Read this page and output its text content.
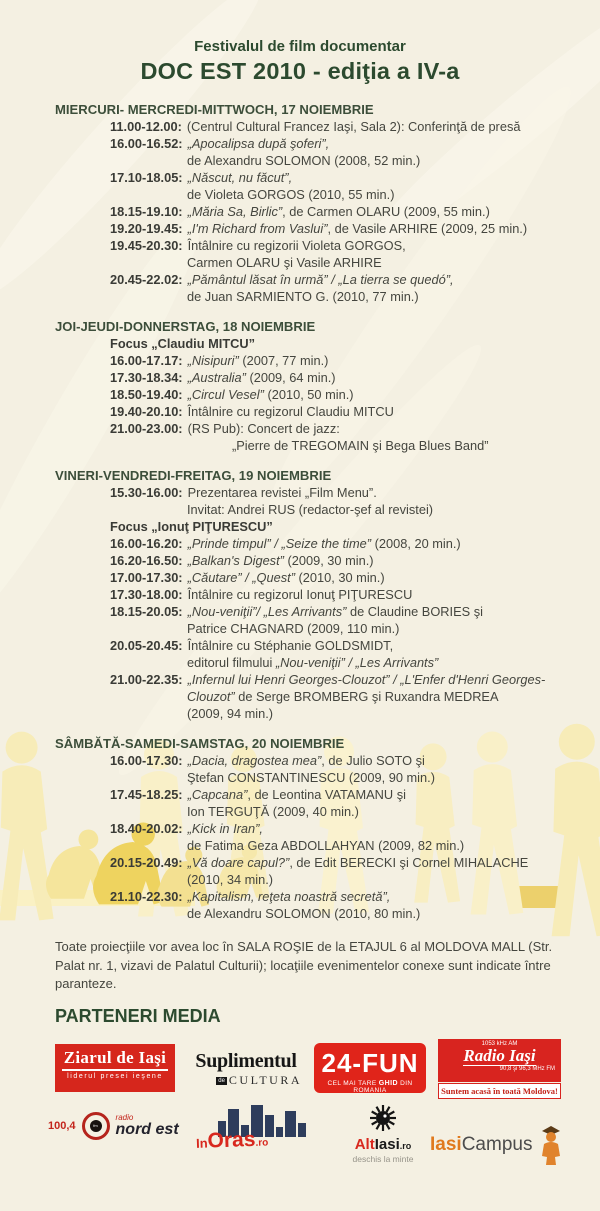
Festivalul de film documentar
DOC EST 2010 - ediţia a IV-a
MIERCURI- MERCREDI-MITTWOCH, 17 NOIEMBRIE
11.00-12.00: (Centrul Cultural Francez Iaşi, Sala 2): Conferinţă de presă
16.00-16.52: „Apocalipsa după şoferi”,
de Alexandru SOLOMON (2008, 52 min.)
17.10-18.05: „Născut, nu făcut”,
de Violeta GORGOS (2010, 55 min.)
18.15-19.10: „Măria Sa, Birlic”, de Carmen OLARU (2009, 55 min.)
19.20-19.45: „I'm Richard from Vaslui”, de Vasile ARHIRE (2009, 25 min.)
19.45-20.30: Întâlnire cu regizorii Violeta GORGOS,
Carmen OLARU şi Vasile ARHIRE
20.45-22.02: „Pământul lăsat în urmă” / „La tierra se quedó”,
de Juan SARMIENTO G. (2010, 77 min.)
JOI-JEUDI-DONNERSTAG, 18 NOIEMBRIE
Focus „Claudiu MITCU”
16.00-17.17: „Nisipuri” (2007, 77 min.)
17.30-18.34: „Australia” (2009, 64 min.)
18.50-19.40: „Circul Vesel” (2010, 50 min.)
19.40-20.10: Întâlnire cu regizorul Claudiu MITCU
21.00-23.00: (RS Pub): Concert de jazz:
„Pierre de TREGOMAIN şi Bega Blues Band”
VINERI-VENDREDI-FREITAG, 19 NOIEMBRIE
15.30-16.00: Prezentarea revistei „Film Menu”.
Invitat: Andrei RUS (redactor-şef al revistei)
Focus „Ionuţ PIŢURESCU”
16.00-16.20: „Prinde timpul” / „Seize the time” (2008, 20 min.)
16.20-16.50: „Balkan's Digest” (2009, 30 min.)
17.00-17.30: „Căutare” / „Quest” (2010, 30 min.)
17.30-18.00: Întâlnire cu regizorul Ionuţ PIŢURESCU
18.15-20.05: „Nou-veniţii”/ „Les Arrivants” de Claudine BORIES şi
Patrice CHAGNARD (2009, 110 min.)
20.05-20.45: Întâlnire cu Stéphanie GOLDSMIDT,
editorul filmului „Nou-veniţii” / „Les Arrivants”
21.00-22.35: „Infernul lui Henri Georges-Clouzot” / „L'Enfer d'Henri Georges-
Clouzot” de Serge BROMBERG şi Ruxandra MEDREA
(2009, 94 min.)
SÂMBĂTĂ-SAMEDI-SAMSTAG, 20 NOIEMBRIE
16.00-17.30: „Dacia, dragostea mea”, de Julio SOTO şi
Ştefan CONSTANTINESCU (2009, 90 min.)
17.45-18.25: „Capcana”, de Leontina VATAMANU şi
Ion TERGUŢĂ (2009, 40 min.)
18.40-20.02: „Kick in Iran”,
de Fatima Geza ABDOLLAHYAN (2009, 82 min.)
20.15-20.49: „Vă doare capul?”, de Edit BERECKI şi Cornel MIHALACHE
(2010, 34 min.)
21.10-22.30: „Kapitalism, reţeta noastră secretă”,
de Alexandru SOLOMON (2010, 80 min.)
Toate proiecţiile vor avea loc în SALA ROŞIE de la ETAJUL 6 al MOLDOVA MALL (Str. Palat nr. 1, vizavi de Palatul Culturii); locaţiile evenimentelor conexe sunt indicate între paranteze.
PARTENERI MEDIA
Ziarul de Iaşi
liderul presei ieşene
Suplimentul
de CULTURA
24-FUN
CEL MAI TARE GHID DIN ROMANIA
1053 kHz AM
Radio Iaşi
90,8 şi 96,3 MHz FM
Suntem acasă în toată Moldova!
100,4	fm
radio
nord est
InOras.ro	AltIasi.ro
deschis la minte
Iasi Campus
